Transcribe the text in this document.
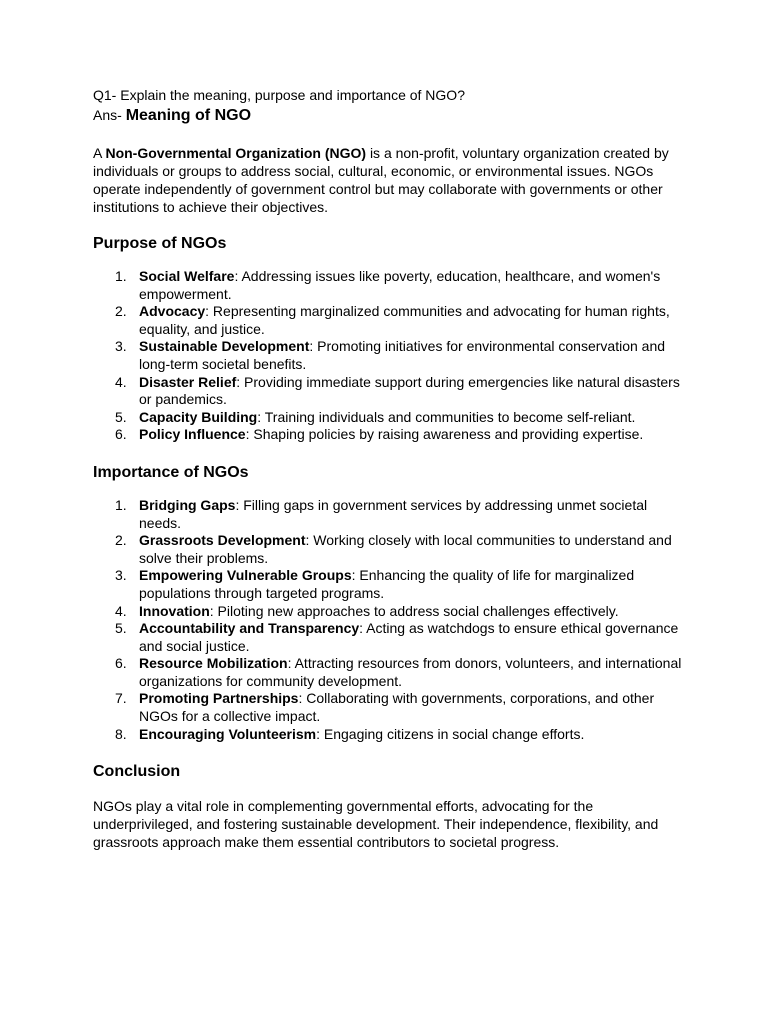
Q1- Explain the meaning, purpose and importance of NGO?

Ans- Meaning of NGO

A Non-Governmental Organization (NGO) is a non-profit, voluntary organization created by individuals or groups to address social, cultural, economic, or environmental issues. NGOs operate independently of government control but may collaborate with governments or other institutions to achieve their objectives.

Purpose of NGOs
1. Social Welfare: Addressing issues like poverty, education, healthcare, and women's empowerment.
2. Advocacy: Representing marginalized communities and advocating for human rights, equality, and justice.
3. Sustainable Development: Promoting initiatives for environmental conservation and long-term societal benefits.
4. Disaster Relief: Providing immediate support during emergencies like natural disasters or pandemics.
5. Capacity Building: Training individuals and communities to become self-reliant.
6. Policy Influence: Shaping policies by raising awareness and providing expertise.
Importance of NGOs
1. Bridging Gaps: Filling gaps in government services by addressing unmet societal needs.
2. Grassroots Development: Working closely with local communities to understand and solve their problems.
3. Empowering Vulnerable Groups: Enhancing the quality of life for marginalized populations through targeted programs.
4. Innovation: Piloting new approaches to address social challenges effectively.
5. Accountability and Transparency: Acting as watchdogs to ensure ethical governance and social justice.
6. Resource Mobilization: Attracting resources from donors, volunteers, and international organizations for community development.
7. Promoting Partnerships: Collaborating with governments, corporations, and other NGOs for a collective impact.
8. Encouraging Volunteerism: Engaging citizens in social change efforts.
Conclusion

NGOs play a vital role in complementing governmental efforts, advocating for the underprivileged, and fostering sustainable development. Their independence, flexibility, and grassroots approach make them essential contributors to societal progress.
